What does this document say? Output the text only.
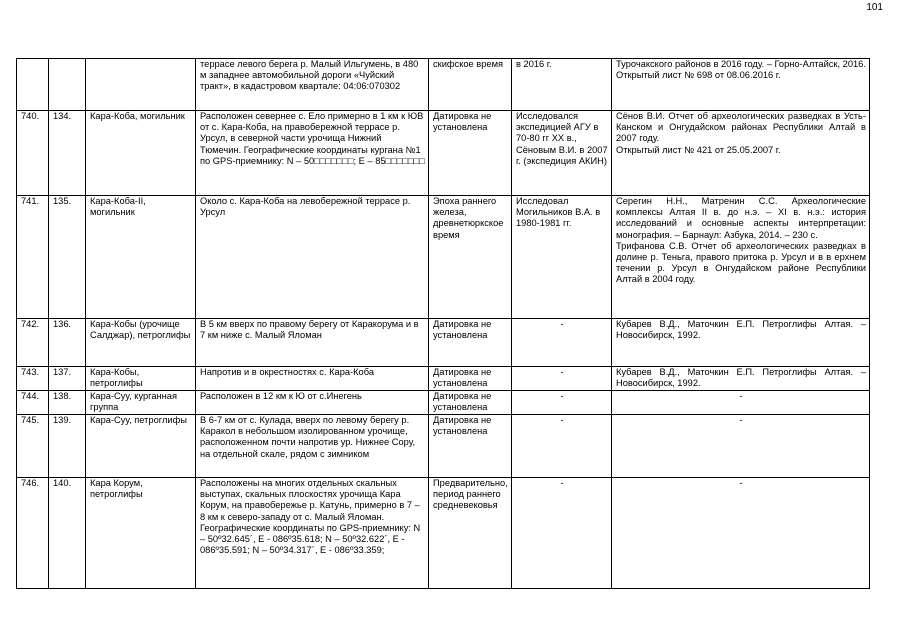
101
			террасе левого берега р. Малый Ильгумень, в 480 м западнее автомобильной дороги «Чуйский тракт», в кадастровом квартале: 04:06:070302	скифское время	в 2016 г.	Турочакского районов в 2016 году. – Горно-Алтайск, 2016.
Открытый лист № 698 от 08.06.2016 г.

740.	134.	Кара-Коба, могильник	Расположен севернее с. Ело примерно в 1 км к ЮВ от с. Кара-Коба, на правобережной террасе р. Урсул, в северной части урочища Нижний Тюмечин. Географические координаты кургана №1 по GPS-приемнику: N – 50□□□□□□□; E – 85□□□□□□□	Датировка не установлена	Исследовался экспедицией АГУ в 70-80 гг XX в., Сёновым В.И. в 2007 г. (экспедиция АКИН)	Сёнов В.И. Отчет об археологических разведках в Усть-Канском и Онгудайском районах Республики Алтай в 2007 году.
Открытый лист № 421 от 25.05.2007 г.

741.	135.	Кара-Коба-II, могильник	Около с. Кара-Коба на левобережной террасе р. Урсул	Эпоха раннего железа, древнетюркское время	Исследовал Могильников В.А. в 1980-1981 гг.	Серегин Н.Н., Матренин С.С. Археологические комплексы Алтая II в. до н.э. – XI в. н.э.: история исследований и основные аспекты интерпретации: монография. – Барнаул: Азбука, 2014. – 230 с.
Трифанова С.В. Отчет об археологических разведках в долине р. Теньга, правого притока р. Урсул и в в ерхнем течении р. Урсул в Онгудайском районе Республики Алтай в 2004 году.

742.	136.	Кара-Кобы (урочище Салджар), петроглифы	В 5 км вверх по правому берегу от Каракорума и в 7 км ниже с. Малый Яломан	Датировка не установлена	-	Кубарев В.Д., Маточкин Е.П. Петроглифы Алтая. – Новосибирск, 1992.

743.	137.	Кара-Кобы, петроглифы	Напротив и в окрестностях с. Кара-Коба	Датировка не установлена	-	Кубарев В.Д., Маточкин Е.П. Петроглифы Алтая. – Новосибирск, 1992.

744.	138.	Кара-Суу, курганная группа	Расположен в 12 км к Ю от с.Инегень	Датировка не установлена	-	-

745.	139.	Кара-Суу, петроглифы	В 6-7 км от с. Кулада, вверх по левому берегу р. Каракол в небольшом изолированном урочище, расположенном почти напротив ур. Нижнее Сору, на отдельной скале, рядом с зимником	Датировка не установлена	-	-

746.	140.	Кара Корум, петроглифы	Расположены на многих отдельных скальных выступах, скальных плоскостях урочища Кара Корум, на правобережье р. Катунь, примерно в 7 – 8 км к северо-западу от с. Малый Яломан. Географические координаты по GPS-приемнику: N – 50º32.645´, E - 086º35.618; N – 50º32.622´, E - 086º35.591; N – 50º34.317´, E - 086º33.359;	Предварительно, период раннего средневековья	-	-
